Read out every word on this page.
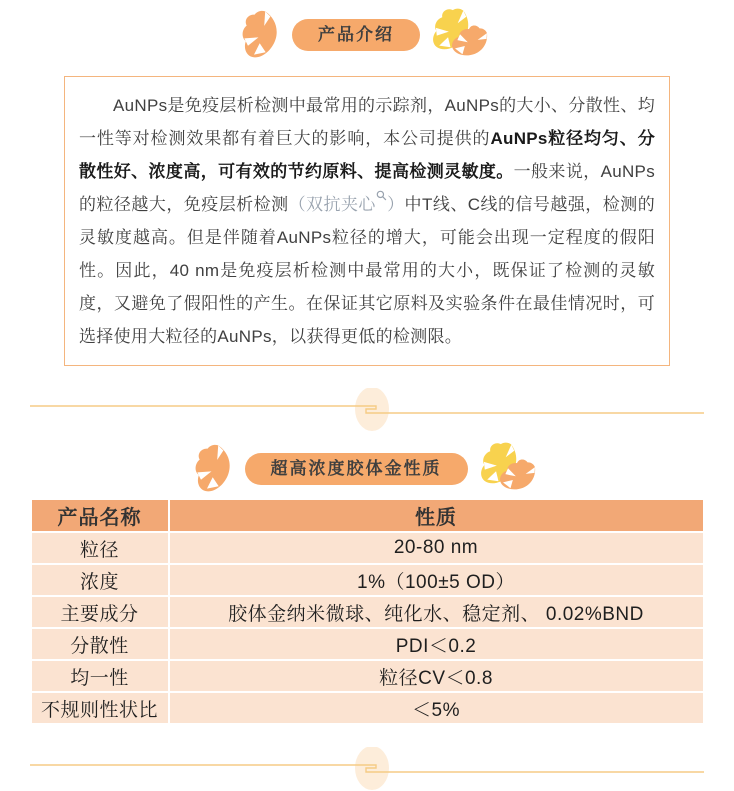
产品介绍

AuNPs是免疫层析检测中最常用的示踪剂，AuNPs的大小、分散性、均一性等对检测效果都有着巨大的影响，本公司提供的AuNPs粒径均匀、分散性好、浓度高，可有效的节约原料、提高检测灵敏度。一般来说，AuNPs的粒径越大，免疫层析检测（双抗夹心 ）中T线、C线的信号越强，检测的灵敏度越高。但是伴随着AuNPs粒径的增大，可能会出现一定程度的假阳性。因此，40 nm是免疫层析检测中最常用的大小，既保证了检测的灵敏度，又避免了假阳性的产生。在保证其它原料及实验条件在最佳情况时，可选择使用大粒径的AuNPs，以获得更低的检测限。

超高浓度胶体金性质
产品名称	性质
粒径	20-80 nm
浓度	1%（100±5 OD）
主要成分	胶体金纳米微球、纯化水、稳定剂、 0.02%BND
分散性	PDI＜0.2
均一性	粒径CV＜0.8
不规则性状比	＜5%
